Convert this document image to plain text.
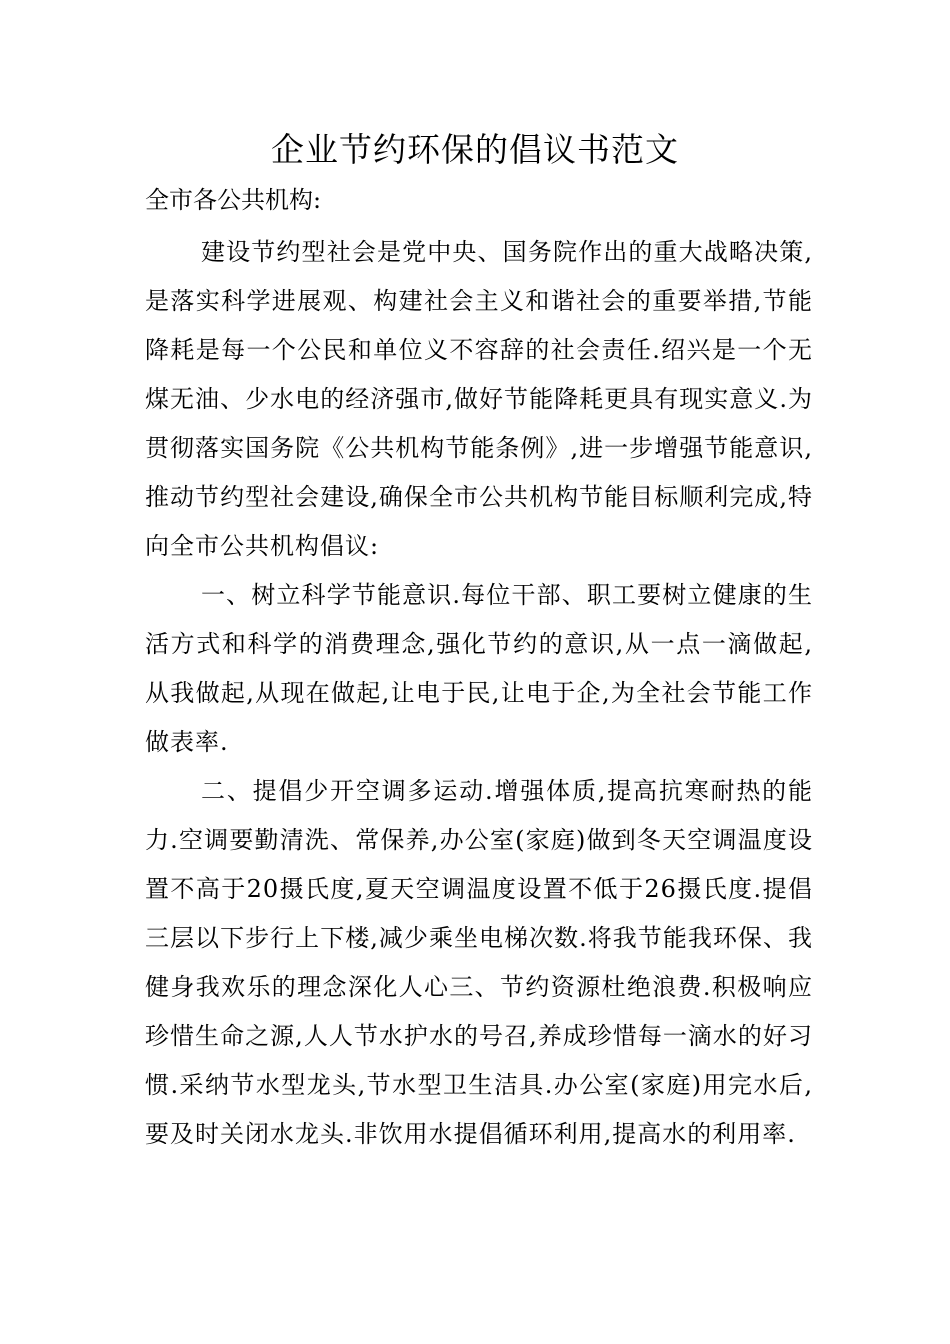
企业节约环保的倡议书范文

全市各公共机构:

建设节约型社会是党中央、国务院作出的重大战略决策,是落实科学进展观、构建社会主义和谐社会的重要举措,节能降耗是每一个公民和单位义不容辞的社会责任.绍兴是一个无煤无油、少水电的经济强市,做好节能降耗更具有现实意义.为贯彻落实国务院《公共机构节能条例》,进一步增强节能意识,推动节约型社会建设,确保全市公共机构节能目标顺利完成,特向全市公共机构倡议:

一、树立科学节能意识.每位干部、职工要树立健康的生活方式和科学的消费理念,强化节约的意识,从一点一滴做起,从我做起,从现在做起,让电于民,让电于企,为全社会节能工作做表率.

二、提倡少开空调多运动.增强体质,提高抗寒耐热的能力.空调要勤清洗、常保养,办公室(家庭)做到冬天空调温度设置不高于20摄氏度,夏天空调温度设置不低于26摄氏度.提倡三层以下步行上下楼,减少乘坐电梯次数.将我节能我环保、我健身我欢乐的理念深化人心三、节约资源杜绝浪费.积极响应珍惜生命之源,人人节水护水的号召,养成珍惜每一滴水的好习惯.采纳节水型龙头,节水型卫生洁具.办公室(家庭)用完水后,要及时关闭水龙头.非饮用水提倡循环利用,提高水的利用率.
